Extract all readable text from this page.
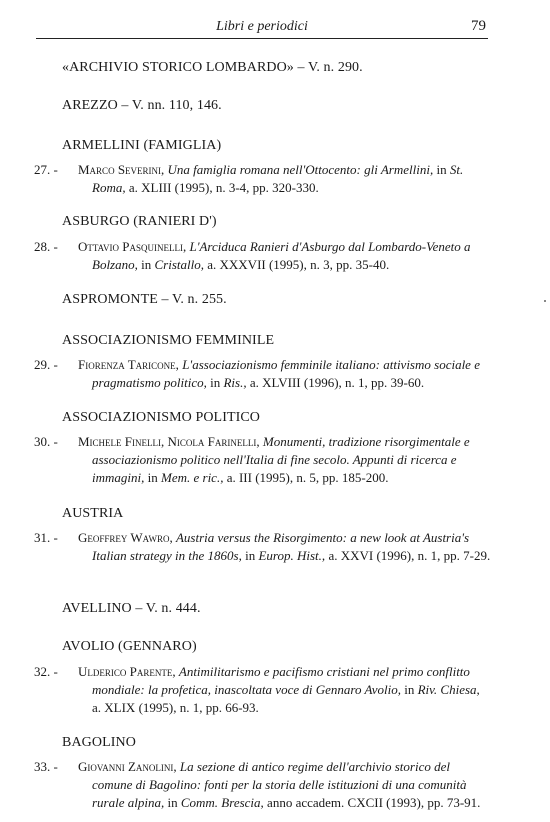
Libri e periodici	79
«ARCHIVIO STORICO LOMBARDO» – V. n. 290.
AREZZO – V. nn. 110, 146.
ARMELLINI (FAMIGLIA)
27. - Marco Severini, Una famiglia romana nell'Ottocento: gli Armellini, in St. Roma, a. XLIII (1995), n. 3-4, pp. 320-330.
ASBURGO (RANIERI D')
28. - Ottavio Pasquinelli, L'Arciduca Ranieri d'Asburgo dal Lombardo-Veneto a Bolzano, in Cristallo, a. XXXVII (1995), n. 3, pp. 35-40.
ASPROMONTE – V. n. 255.
ASSOCIAZIONISMO FEMMINILE
29. - Fiorenza Taricone, L'associazionismo femminile italiano: attivismo sociale e pragmatismo politico, in Ris., a. XLVIII (1996), n. 1, pp. 39-60.
ASSOCIAZIONISMO POLITICO
30. - Michele Finelli, Nicola Farinelli, Monumenti, tradizione risorgimentale e associazionismo politico nell'Italia di fine secolo. Appunti di ricerca e immagini, in Mem. e ric., a. III (1995), n. 5, pp. 185-200.
AUSTRIA
31. - Geoffrey Wawro, Austria versus the Risorgimento: a new look at Austria's Italian strategy in the 1860s, in Europ. Hist., a. XXVI (1996), n. 1, pp. 7-29.
AVELLINO – V. n. 444.
AVOLIO (GENNARO)
32. - Ulderico Parente, Antimilitarismo e pacifismo cristiani nel primo conflitto mondiale: la profetica, inascoltata voce di Gennaro Avolio, in Riv. Chiesa, a. XLIX (1995), n. 1, pp. 66-93.
BAGOLINO
33. - Giovanni Zanolini, La sezione di antico regime dell'archivio storico del comune di Bagolino: fonti per la storia delle istituzioni di una comunità rurale alpina, in Comm. Brescia, anno accadem. CXCII (1993), pp. 73-91.
